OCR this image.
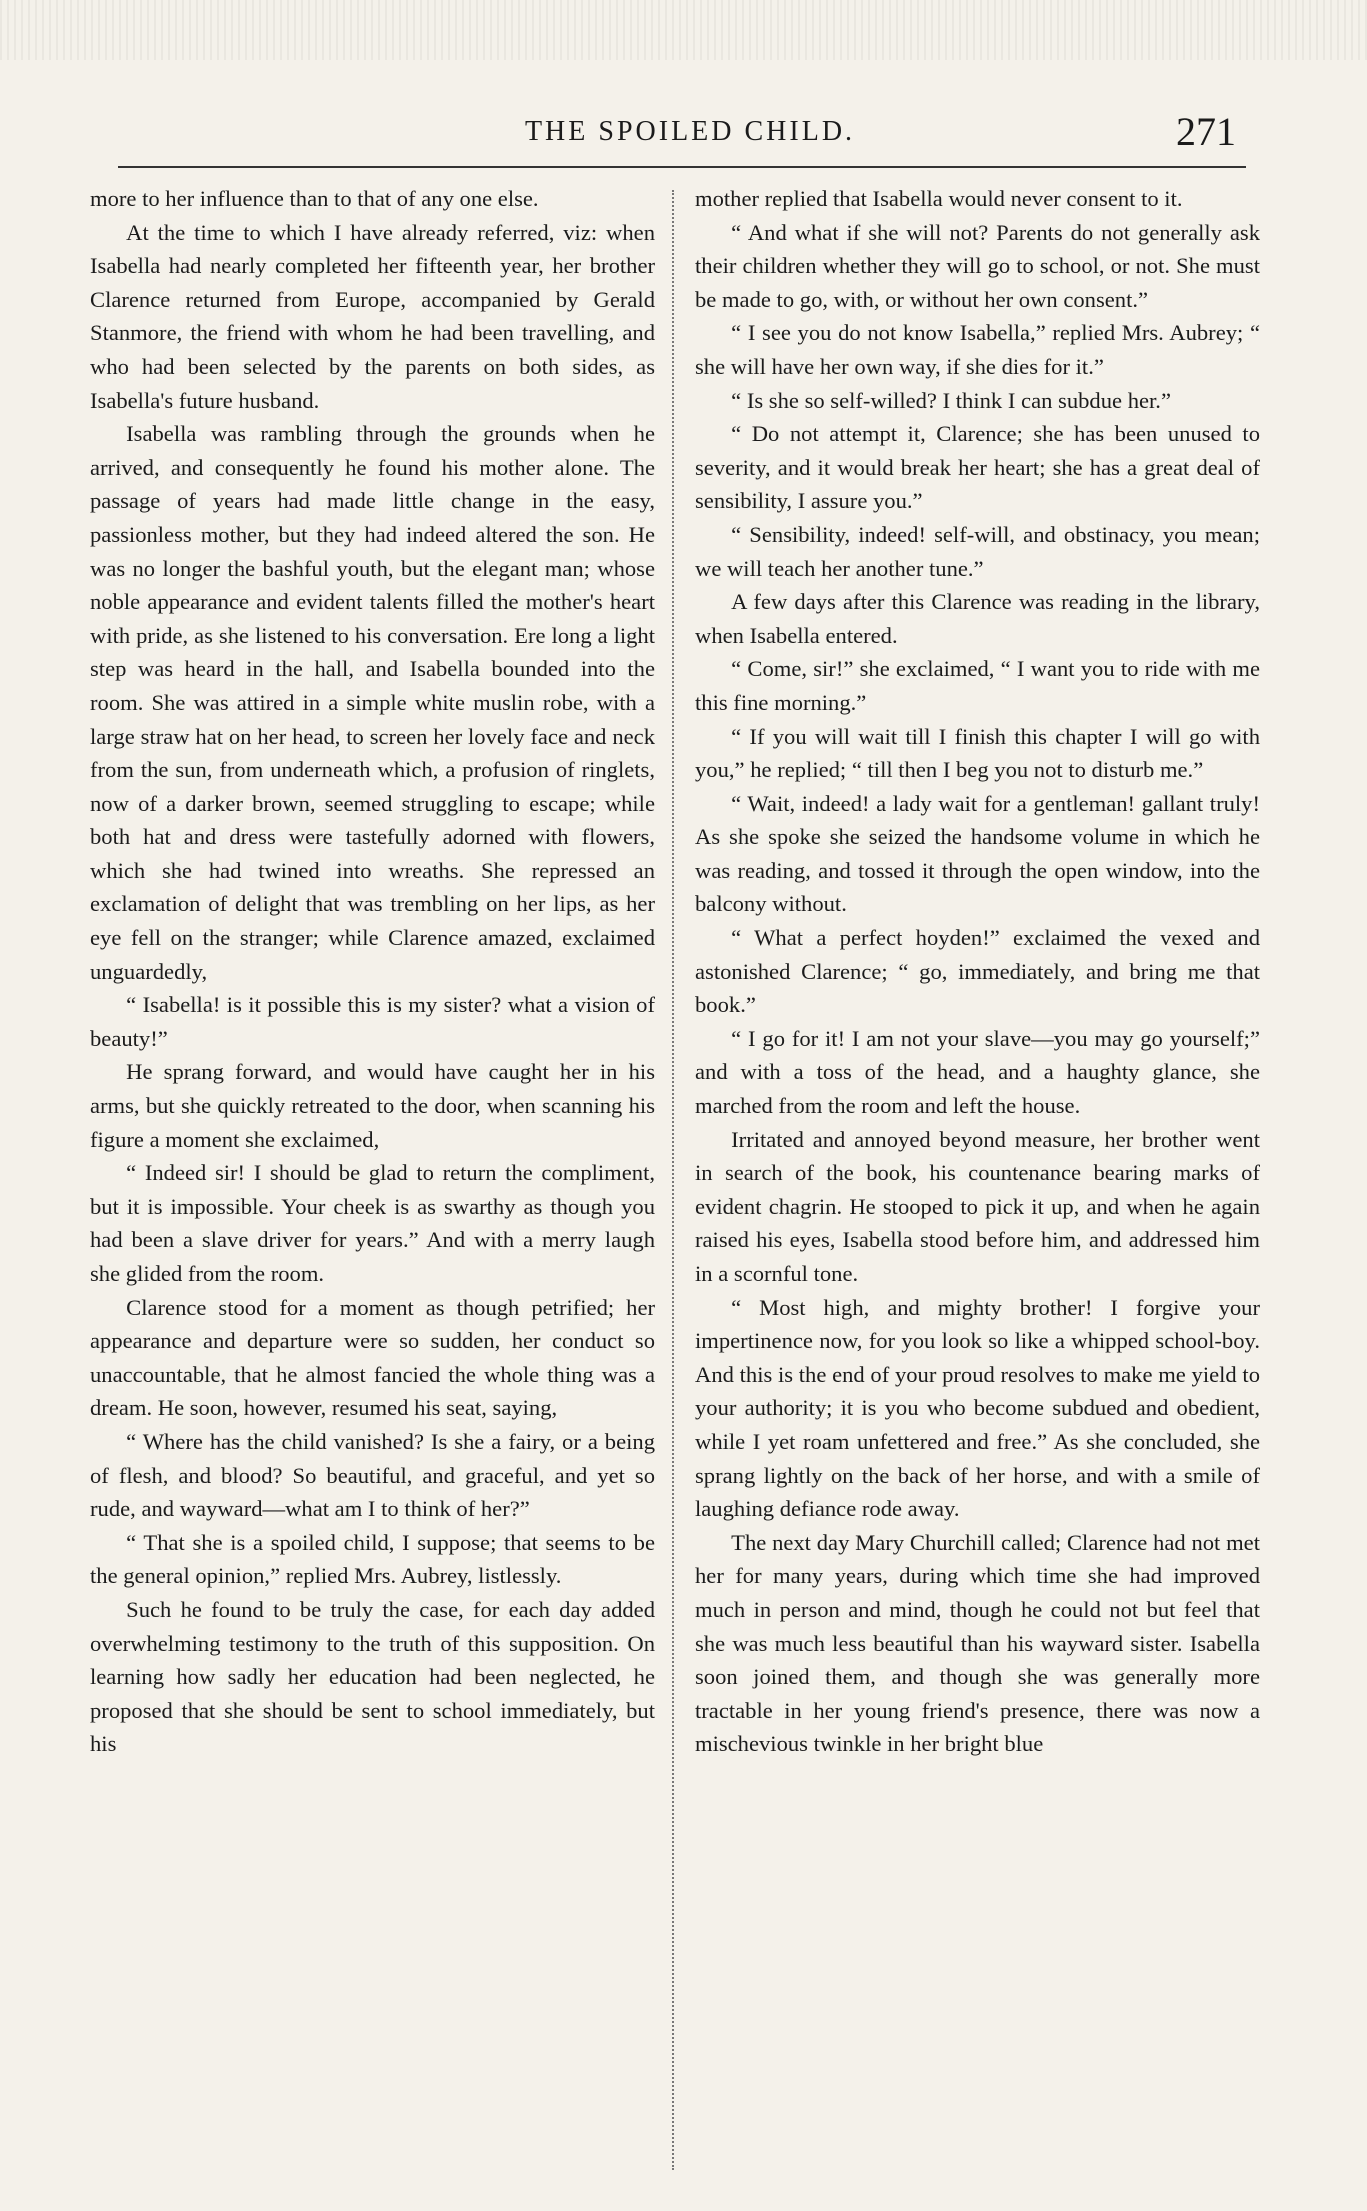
THE SPOILED CHILD.	271

more to her influence than to that of any one else.

At the time to which I have already referred, viz: when Isabella had nearly completed her fifteenth year, her brother Clarence returned from Europe, accompanied by Gerald Stanmore, the friend with whom he had been travelling, and who had been selected by the parents on both sides, as Isabella's future husband.

Isabella was rambling through the grounds when he arrived, and consequently he found his mother alone. The passage of years had made little change in the easy, passionless mother, but they had indeed altered the son. He was no longer the bashful youth, but the elegant man; whose noble appearance and evident talents filled the mother's heart with pride, as she listened to his conversation. Ere long a light step was heard in the hall, and Isabella bounded into the room. She was attired in a simple white muslin robe, with a large straw hat on her head, to screen her lovely face and neck from the sun, from underneath which, a profusion of ringlets, now of a darker brown, seemed struggling to escape; while both hat and dress were tastefully adorned with flowers, which she had twined into wreaths. She repressed an exclamation of delight that was trembling on her lips, as her eye fell on the stranger; while Clarence amazed, exclaimed unguardedly,

“ Isabella! is it possible this is my sister? what a vision of beauty!”

He sprang forward, and would have caught her in his arms, but she quickly retreated to the door, when scanning his figure a moment she exclaimed,

“ Indeed sir! I should be glad to return the compliment, but it is impossible. Your cheek is as swarthy as though you had been a slave driver for years.” And with a merry laugh she glided from the room.

Clarence stood for a moment as though petrified; her appearance and departure were so sudden, her conduct so unaccountable, that he almost fancied the whole thing was a dream. He soon, however, resumed his seat, saying,

“ Where has the child vanished? Is she a fairy, or a being of flesh, and blood? So beautiful, and graceful, and yet so rude, and wayward—what am I to think of her?”

“ That she is a spoiled child, I suppose; that seems to be the general opinion,” replied Mrs. Aubrey, listlessly.

Such he found to be truly the case, for each day added overwhelming testimony to the truth of this supposition. On learning how sadly her education had been neglected, he proposed that she should be sent to school immediately, but his

mother replied that Isabella would never consent to it.

“ And what if she will not? Parents do not generally ask their children whether they will go to school, or not. She must be made to go, with, or without her own consent.”

“ I see you do not know Isabella,” replied Mrs. Aubrey; “ she will have her own way, if she dies for it.”

“ Is she so self-willed? I think I can subdue her.”

“ Do not attempt it, Clarence; she has been unused to severity, and it would break her heart; she has a great deal of sensibility, I assure you.”

“ Sensibility, indeed! self-will, and obstinacy, you mean; we will teach her another tune.”

A few days after this Clarence was reading in the library, when Isabella entered.

“ Come, sir!” she exclaimed, “ I want you to ride with me this fine morning.”

“ If you will wait till I finish this chapter I will go with you,” he replied; “ till then I beg you not to disturb me.”

“ Wait, indeed! a lady wait for a gentleman! gallant truly! As she spoke she seized the handsome volume in which he was reading, and tossed it through the open window, into the balcony without.

“ What a perfect hoyden!” exclaimed the vexed and astonished Clarence; “ go, immediately, and bring me that book.”

“ I go for it! I am not your slave—you may go yourself;” and with a toss of the head, and a haughty glance, she marched from the room and left the house.

Irritated and annoyed beyond measure, her brother went in search of the book, his countenance bearing marks of evident chagrin. He stooped to pick it up, and when he again raised his eyes, Isabella stood before him, and addressed him in a scornful tone.

“ Most high, and mighty brother! I forgive your impertinence now, for you look so like a whipped school-boy. And this is the end of your proud resolves to make me yield to your authority; it is you who become subdued and obedient, while I yet roam unfettered and free.” As she concluded, she sprang lightly on the back of her horse, and with a smile of laughing defiance rode away.

The next day Mary Churchill called; Clarence had not met her for many years, during which time she had improved much in person and mind, though he could not but feel that she was much less beautiful than his wayward sister. Isabella soon joined them, and though she was generally more tractable in her young friend's presence, there was now a mischevious twinkle in her bright blue
